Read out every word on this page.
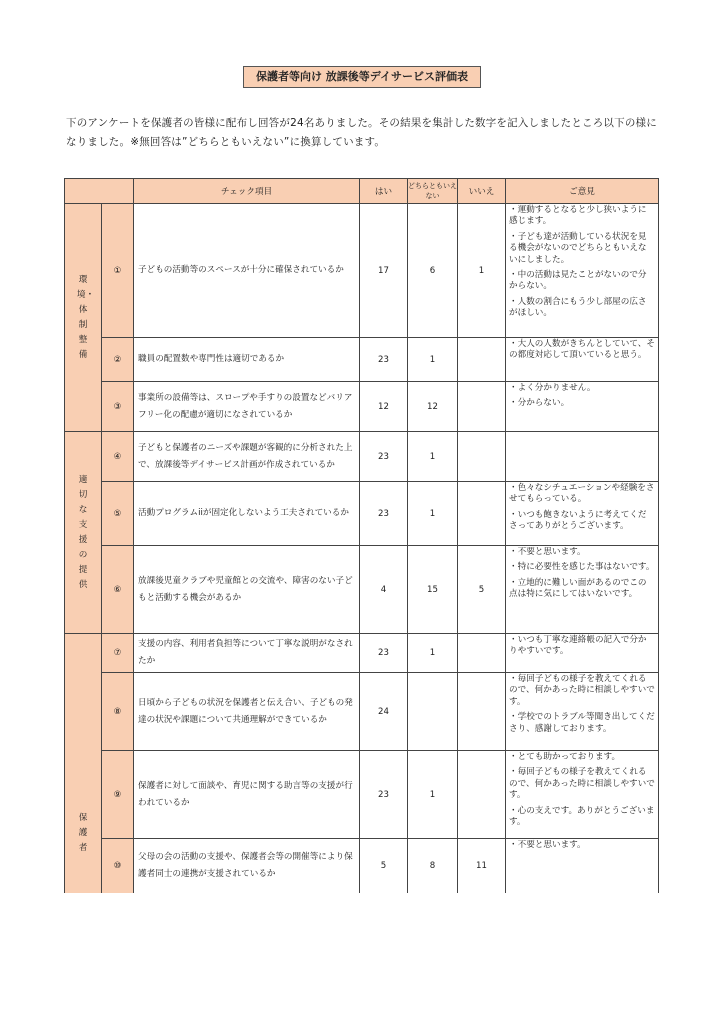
保護者等向け 放課後等デイサービス評価表
下のアンケートを保護者の皆様に配布し回答が24名ありました。その結果を集計した数字を記入しましたところ以下の様になりました。※無回答は”どちらともいえない”に換算しています。
		チェック項目	はい	どちらともいえない	いいえ	ご意見
環境・体制整備	①	子どもの活動等のスペースが十分に確保されているか	17	6	1	・運動するとなると少し狭いように感じます。

・子ども達が活動している状況を見る機会がないのでどちらともいえないにしました。

・中の活動は見たことがないので分からない。

・人数の割合にもう少し部屋の広さがほしい。

	②	職員の配置数や専門性は適切であるか	23	1		・大人の人数がきちんとしていて、その都度対応して頂いていると思う。

	③	事業所の設備等は、スロープや手すりの設置などバリアフリー化の配慮が適切になされているか	12	12		・よく分かりません。

・分からない。

適切な支援の提供	④	子どもと保護者のニーズや課題が客観的に分析された上で、放課後等デイサービス計画が作成されているか	23	1		
	⑤	活動プログラムiiが固定化しないよう工夫されているか	23	1		・色々なシチュエーションや経験をさせてもらっている。

・いつも飽きないように考えてくださってありがとうございます。

	⑥	放課後児童クラブや児童館との交流や、障害のない子どもと活動する機会があるか	4	15	5	・不要と思います。

・特に必要性を感じた事はないです。

・立地的に難しい面があるのでこの点は特に気にしてはいないです。

保護者	⑦	支援の内容、利用者負担等について丁寧な説明がなされたか	23	1		・いつも丁寧な連絡帳の記入で分かりやすいです。

	⑧	日頃から子どもの状況を保護者と伝え合い、子どもの発達の状況や課題について共通理解ができているか	24			・毎回子どもの様子を教えてくれるので、何かあった時に相談しやすいです。

・学校でのトラブル等聞き出してくださり、感謝しております。

	⑨	保護者に対して面談や、育児に関する助言等の支援が行われているか	23	1		・とても助かっております。

・毎回子どもの様子を教えてくれるので、何かあった時に相談しやすいです。

・心の支えです。ありがとうございます。

	⑩	父母の会の活動の支援や、保護者会等の開催等により保護者同士の連携が支援されているか	5	8	11	・不要と思います。
